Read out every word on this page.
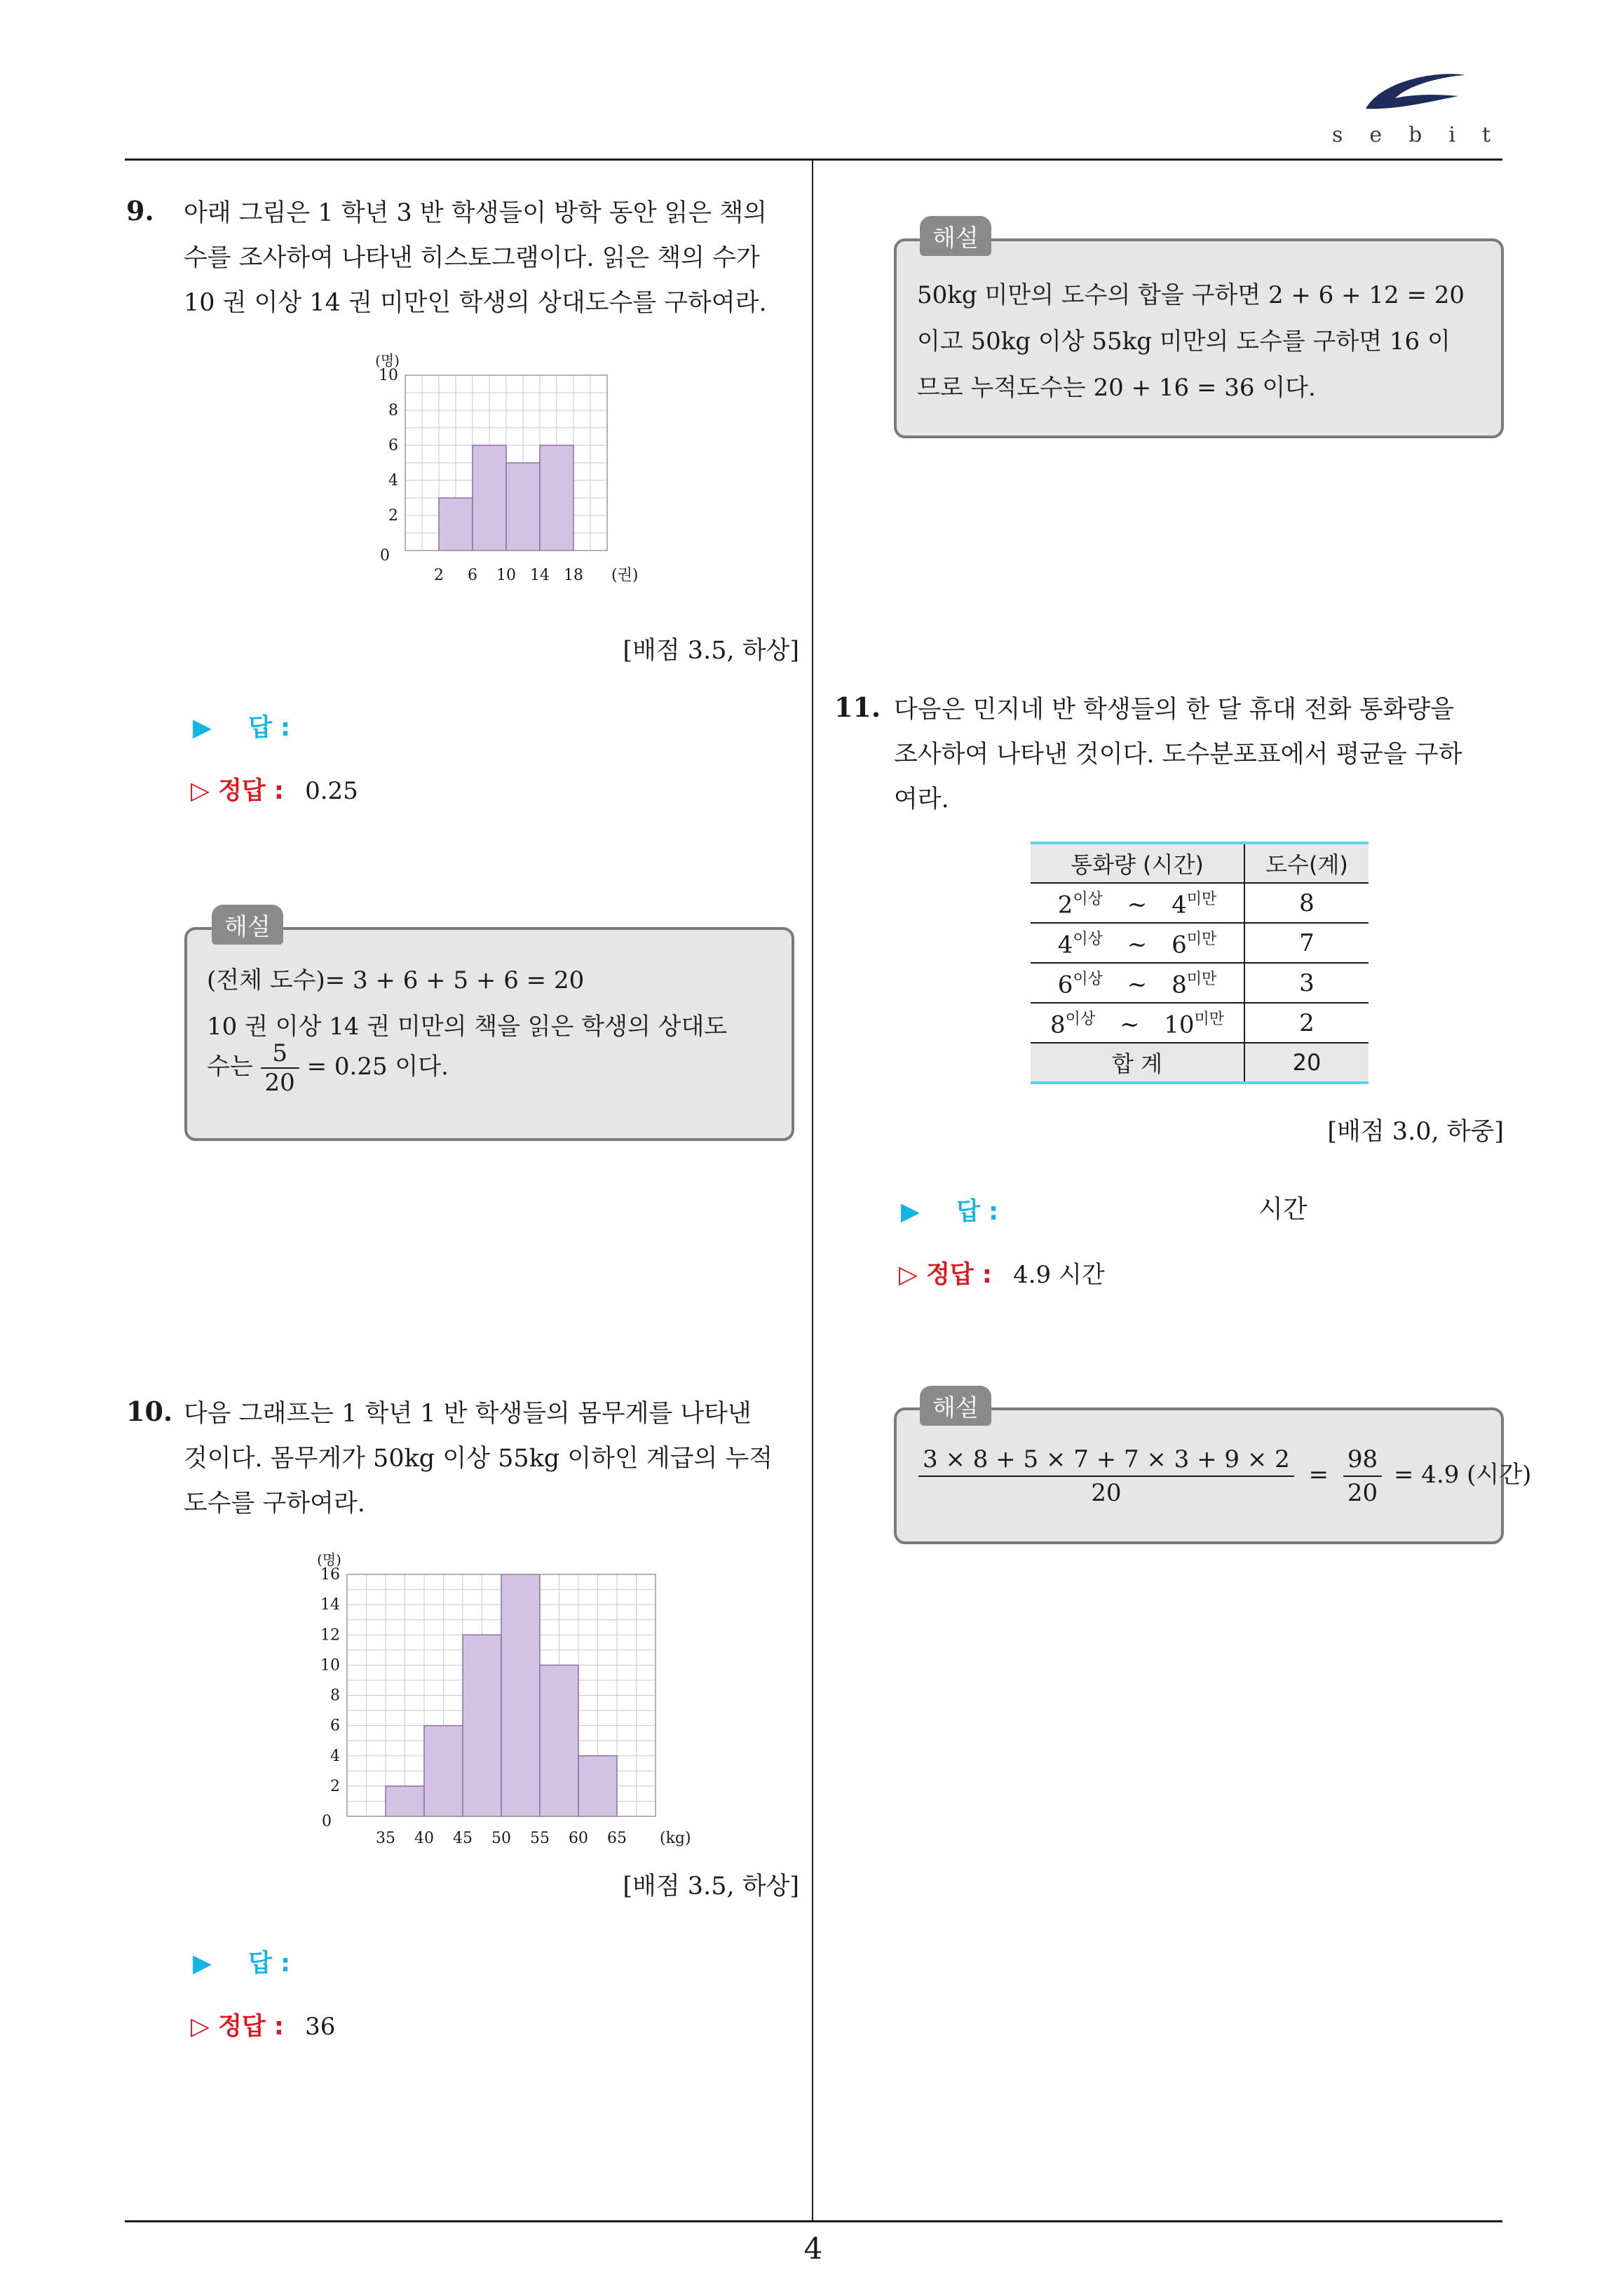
sebit
4
9. 아래 그림은 1 학년 3 반 학생들이 방학 동안 읽은 책의
수를 조사하여 나타낸 히스토그램이다. 읽은 책의 수가
10 권 이상 14 권 미만인 학생의 상대도수를 구하여라.
2
4
6
8
10
0
(명)
2 6 10 14 18 (권)
[배점 3.5, 하상]
▶ 답 :
▷ 정답 : 0.25
해설
(전체 도수)= 3 + 6 + 5 + 6 = 20
10 권 이상 14 권 미만의 책을 읽은 학생의 상대도
수는 $\frac{5}{20} = 0.25$ 이다.
10. 다음 그래프는 1 학년 1 반 학생들의 몸무게를 나타낸
것이다. 몸무게가 50kg 이상 55kg 이하인 계급의 누적
도수를 구하여라.
2
4
6
8
10
12
14
16
0
(명)
35 40 45 50 55 60 65 (kg)
[배점 3.5, 하상]
▶ 답 :
▷ 정답 : 36
해설
50kg 미만의 도수의 합을 구하면 2 + 6 + 12 = 20
이고 50kg 이상 55kg 미만의 도수를 구하면 16 이
므로 누적도수는 20 + 16 = 36 이다.
11. 다음은 민지네 반 학생들의 한 달 휴대 전화 통화량을
조사하여 나타낸 것이다. 도수분포표에서 평균을 구하
여라.
통화량 (시간)	도수(계)
$2^{이상}$ ~ $4^{미만}$	8
$4^{이상}$ ~ $6^{미만}$	7
$6^{이상}$ ~ $8^{미만}$	3
$8^{이상}$ ~ $10^{미만}$	2
합 계	20
[배점 3.0, 하중]
▶ 답 :	시간
▷ 정답 : 4.9 시간
해설
$\frac{3 \times 8 + 5 \times 7 + 7 \times 3 + 9 \times 2}{20} = \frac{98}{20} = 4.9$ (시간)
